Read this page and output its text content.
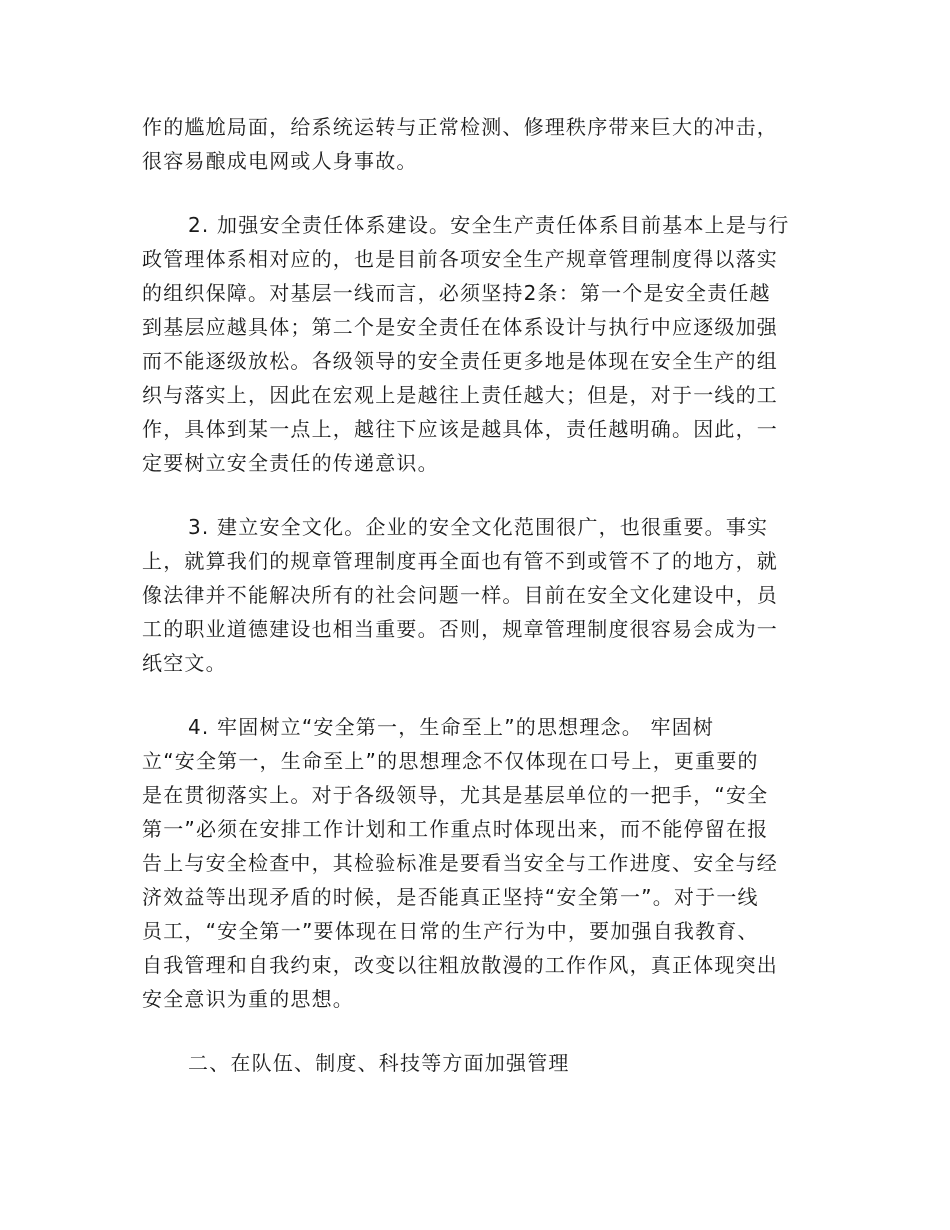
作的尴尬局面，给系统运转与正常检测、修理秩序带来巨大的冲击，
很容易酿成电网或人身事故。
2. 加强安全责任体系建设。安全生产责任体系目前基本上是与行
政管理体系相对应的，也是目前各项安全生产规章管理制度得以落实
的组织保障。对基层一线而言，必须坚持2条：第一个是安全责任越
到基层应越具体；第二个是安全责任在体系设计与执行中应逐级加强
而不能逐级放松。各级领导的安全责任更多地是体现在安全生产的组
织与落实上，因此在宏观上是越往上责任越大；但是，对于一线的工
作，具体到某一点上，越往下应该是越具体，责任越明确。因此，一
定要树立安全责任的传递意识。
3. 建立安全文化。企业的安全文化范围很广，也很重要。事实
上，就算我们的规章管理制度再全面也有管不到或管不了的地方，就
像法律并不能解决所有的社会问题一样。目前在安全文化建设中，员
工的职业道德建设也相当重要。否则，规章管理制度很容易会成为一
纸空文。
4. 牢固树立“安全第一，生命至上”的思想理念。 牢固树
立“安全第一，生命至上”的思想理念不仅体现在口号上，更重要的
是在贯彻落实上。对于各级领导，尤其是基层单位的一把手，“安全
第一”必须在安排工作计划和工作重点时体现出来，而不能停留在报
告上与安全检查中，其检验标准是要看当安全与工作进度、安全与经
济效益等出现矛盾的时候，是否能真正坚持“安全第一”。对于一线
员工，“安全第一”要体现在日常的生产行为中，要加强自我教育、
自我管理和自我约束，改变以往粗放散漫的工作作风，真正体现突出
安全意识为重的思想。
二、在队伍、制度、科技等方面加强管理
